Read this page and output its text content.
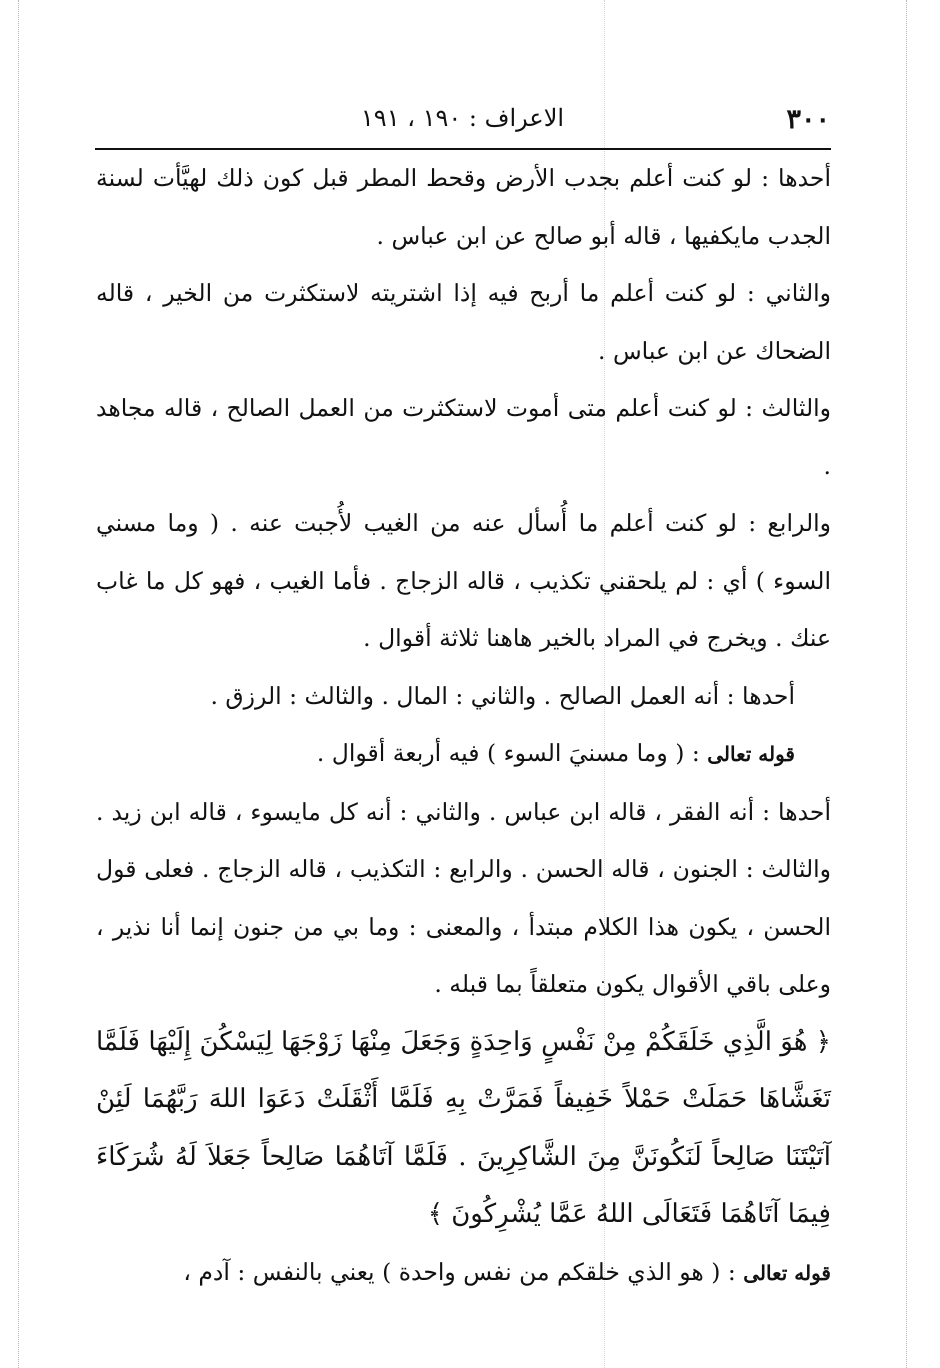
٣٠٠
الاعراف : ١٩٠ ، ١٩١

أحدها : لو كنت أعلم بجدب الأرض وقحط المطر قبل كون ذلك لهيَّأت لسنة الجدب مايكفيها ، قاله أبو صالح عن ابن عباس .

والثاني : لو كنت أعلم ما أربح فيه إذا اشتريته لاستكثرت من الخير ، قاله الضحاك عن ابن عباس .

والثالث : لو كنت أعلم متى أموت لاستكثرت من العمل الصالح ، قاله مجاهد .

والرابع : لو كنت أعلم ما أُسأل عنه من الغيب لأُجبت عنه . ( وما مسني السوء ) أي : لم يلحقني تكذيب ، قاله الزجاج . فأما الغيب ، فهو كل ما غاب عنك . ويخرج في المراد بالخير هاهنا ثلاثة أقوال .

أحدها : أنه العمل الصالح . والثاني : المال . والثالث : الرزق .

قوله تعالى : ( وما مسنيَ السوء ) فيه أربعة أقوال .

أحدها : أنه الفقر ، قاله ابن عباس . والثاني : أنه كل مايسوء ، قاله ابن زيد . والثالث : الجنون ، قاله الحسن . والرابع : التكذيب ، قاله الزجاج . فعلى قول الحسن ، يكون هذا الكلام مبتدأ ، والمعنى : وما بي من جنون إنما أنا نذير ، وعلى باقي الأقوال يكون متعلقاً بما قبله .

﴿ هُوَ الَّذِي خَلَقَكُمْ مِنْ نَفْسٍ وَاحِدَةٍ وَجَعَلَ مِنْهَا زَوْجَهَا لِيَسْكُنَ إِلَيْهَا فَلَمَّا تَغَشَّاهَا حَمَلَتْ حَمْلاً خَفِيفاً فَمَرَّتْ بِهِ فَلَمَّا أَثْقَلَتْ دَعَوَا اللهَ رَبَّهُمَا لَئِنْ آتَيْتَنَا صَالِحاً لَنَكُونَنَّ مِنَ الشَّاكِرِينَ . فَلَمَّا آتَاهُمَا صَالِحاً جَعَلاَ لَهُ شُرَكَاءَ فِيمَا آتَاهُمَا فَتَعَالَى اللهُ عَمَّا يُشْرِكُونَ ﴾

قوله تعالى : ( هو الذي خلقكم من نفس واحدة ) يعني بالنفس : آدم ،
